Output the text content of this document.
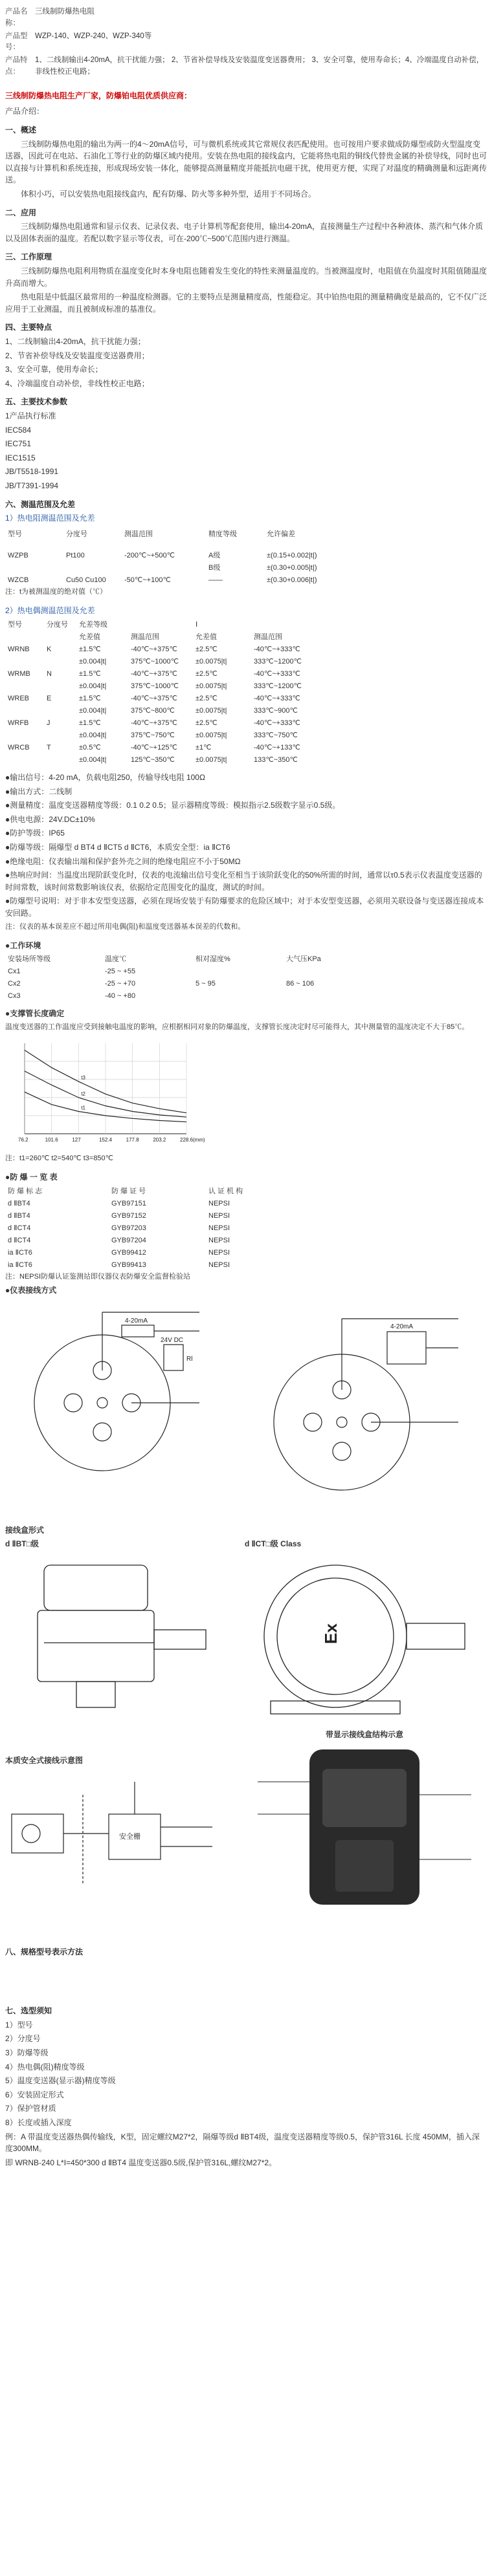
产品名称：
三线制防爆热电阻
产品型号：
WZP-140、WZP-240、WZP-340等
产品特点：
1、二线制输出4-20mA，抗干扰能力强； 2、节省补偿导线及安装温度变送器费用； 3、安全可靠，使用寿命长；4、冷端温度自动补偿，非线性校正电路；
三线制防爆热电阻生产厂家，防爆铂电阻优质供应商：

产品介绍：

一、概述

三线制防爆热电阻的输出为两一的4～20mA信号，可与微机系统或其它常规仪表匹配使用。也可按用户要求做成防爆型或防火型温度变送器，因此可在电站、石油化工等行业的防爆区域内使用。安装在热电阻的接线盒内，它能将热电阻的铜线代替贵金属的补偿导线，同时也可以直接与计算机和系统连接，形成现场安装一体化，能够提高测量精度并能抵抗电磁干扰，使用更方便，实现了对温度的精确测量和远距离传送。

体积小巧，可以安装热电阻接线盒内，配有防爆、防火等多种外型，适用于不同场合。

二、应用

三线制防爆热电阻通常和显示仪表、记录仪表、电子计算机等配套使用，输出4-20mA，直接测量生产过程中各种液体、蒸汽和气体介质以及固体表面的温度。若配以数字显示等仪表，可在-200℃~500℃范围内进行测温。

三、工作原理

三线制防爆热电阻利用物质在温度变化时本身电阻也随着发生变化的特性来测量温度的。当被测温度时，电阻值在负温度时其阻值随温度升高而增大。

热电阻是中低温区最常用的一种温度检测器。它的主要特点是测量精度高，性能稳定。其中铂热电阻的测量精确度是最高的，它不仅广泛应用于工业测温，而且被制成标准的基准仪。

四、主要特点

1、二线制输出4-20mA，抗干扰能力强；

2、节省补偿导线及安装温度变送器费用；

3、安全可靠，使用寿命长；

4、冷端温度自动补偿，非线性校正电路；

五、主要技术参数

1产品执行标准

IEC584

IEC751

IEC1515

JB/T5518-1991

JB/T7391-1994

六、测温范围及允差

1）热电阻测温范围及允差

型号	分度号	测温范围	精度等级	允许偏差

WZPB	Pt100	-200℃~+500℃	A级	±(0.15+0.002|t|)
			B级	±(0.30+0.005|t|)
WZCB	Cu50 Cu100	-50℃~+100℃	——	±(0.30+0.006|t|)

注：t为被测温度的绝对值（℃）

2）热电偶测温范围及允差

型号	分度号	允差等级		Ⅰ	
		允差值	测温范围	允差值	测温范围
WRNB	K	±1.5℃	-40℃~+375℃	±2.5℃	-40℃~+333℃
		±0.004|t|	375℃~1000℃	±0.0075|t|	333℃~1200℃
WRMB	N	±1.5℃	-40℃~+375℃	±2.5℃	-40℃~+333℃
		±0.004|t|	375℃~1000℃	±0.0075|t|	333℃~1200℃
WREB	E	±1.5℃	-40℃~+375℃	±2.5℃	-40℃~+333℃
		±0.004|t|	375℃~800℃	±0.0075|t|	333℃~900℃
WRFB	J	±1.5℃	-40℃~+375℃	±2.5℃	-40℃~+333℃
		±0.004|t|	375℃~750℃	±0.0075|t|	333℃~750℃
WRCB	T	±0.5℃	-40℃~+125℃	±1℃	-40℃~+133℃
		±0.004|t|	125℃~350℃	±0.0075|t|	133℃~350℃

●输出信号：4-20 mA，负载电阻250，传输导线电阻 100Ω

●输出方式：二线制

●测量精度：温度变送器精度等级：0.1 0.2 0.5；显示器精度等级：模拟指示2.5级数字显示0.5级。

●供电电源：24V.DC±10%

●防护等级：IP65

●防爆等级：隔爆型 d BT4 d ⅡCT5 d ⅡCT6，本质安全型：ia ⅡCT6

●绝缘电阻：仪表输出端和保护套外壳之间的绝缘电阻应不小于50MΩ

●热响应时间：当温度出现阶跃变化时，仪表的电流输出信号变化至相当于该阶跃变化的50%所需的时间，通常以τ0.5表示仪表温度变送器的时间常数，该时间常数影响该仪表，依据给定范围变化的温度，测试的时间。

●防爆型号说明：对于非本安型变送器，必须在现场安装于有防爆要求的危险区域中；对于本安型变送器，必须用关联设备与变送器连接成本安回路。

注：仪表的基本误差应不超过所用电偶(阻)和温度变送器基本误差的代数和。

●工作环境

安装场所等级	温度℃	相对湿度%	大气压KPa
Cx1	-25 ~ +55		
Cx2	-25 ~ +70	5 ~ 95	86 ~ 106
Cx3	-40 ~ +80		

●支撑管长度确定

温度变送器的工作温度应受到接触电温度的影响，应根据相同对象的防爆温度，支撑管长度决定时尽可能得大，其中测量管的温度决定不大于85℃。

76.2	101.6	127	152.4	177.8	203.2	228.6(mm)
t1
t2
t3

注：t1=260℃ t2=540℃ t3=850℃

●防 爆 一 览 表

防 爆 标 志	防 爆 证 号	认 证 机 构
d ⅡBT4	GYB97151	NEPSI
d ⅡBT4	GYB97152	NEPSI
d ⅡCT4	GYB97203	NEPSI
d ⅡCT4	GYB97204	NEPSI
ia ⅡCT6	GYB99412	NEPSI
ia ⅡCT6	GYB99413	NEPSI

注：NEPSI防爆认证鉴测站即仪器仪表防爆安全监督检验站

●仪表接线方式

4-20mA
24V DC
Rl
4-20mA

接线盒形式

d ⅡBT□级	d ⅡCT□级 Class

Ex

本质安全式接线示意图

安全栅

带显示接线盒结构示意

八、规格型号表示方法
七、选型须知

1）型号

2）分度号

3）防爆等级

4）热电偶(阻)精度等级

5）温度变送器(显示器)精度等级

6）安装固定形式

7）保护管材质

8）长度或插入深度

例：A 带温度变送器热偶传输线，K型，固定螺纹M27*2，隔爆等级d ⅡBT4级，温度变送器精度等级0.5，保护管316L 长度 450MM，插入深度300MM。

即 WRNB-240 L*I=450*300 d ⅡBT4 温度变送器0.5级,保护管316L,螺纹M27*2。
